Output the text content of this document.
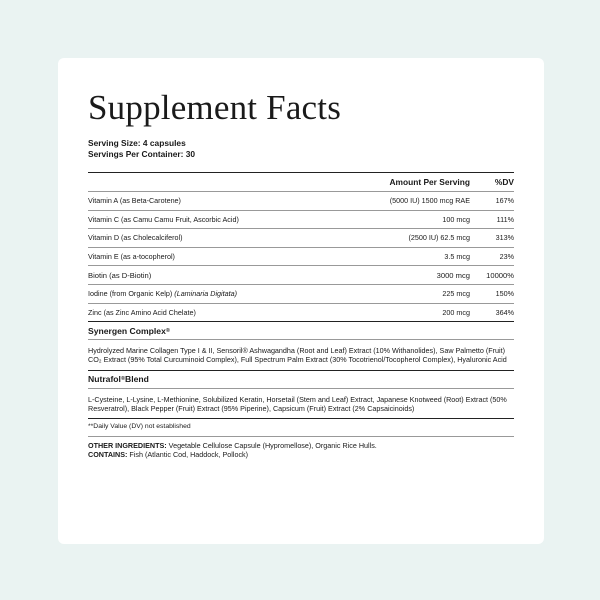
Supplement Facts
Serving Size: 4 capsules
Servings Per Container: 30
Amount Per Serving	%DV
Vitamin A (as Beta-Carotene)	(5000 IU) 1500 mcg RAE	167%
Vitamin C (as Camu Camu Fruit, Ascorbic Acid)	100 mcg	111%
Vitamin D (as Cholecalciferol)	(2500 IU) 62.5 mcg	313%
Vitamin E (as a-tocopherol)	3.5 mcg	23%
Biotin (as D-Biotin)	3000 mcg	10000%
Iodine (from Organic Kelp) (Laminaria Digitata)	225 mcg	150%
Zinc (as Zinc Amino Acid Chelate)	200 mcg	364%
Synergen Complex ®
Hydrolyzed Marine Collagen Type I & II, Sensoril® Ashwagandha (Root and Leaf) Extract (10% Withanolides), Saw Palmetto (Fruit) CO₂ Extract (95% Total Curcuminoid Complex), Full Spectrum Palm Extract (30% Tocotrienol/Tocopherol Complex), Hyaluronic Acid
Nutrafol ® Blend
L-Cysteine, L-Lysine, L-Methionine, Solubilized Keratin, Horsetail (Stem and Leaf) Extract, Japanese Knotweed (Root) Extract (50% Resveratrol), Black Pepper (Fruit) Extract (95% Piperine), Capsicum (Fruit) Extract (2% Capsaicinoids)
**Daily Value (DV) not established
OTHER INGREDIENTS: Vegetable Cellulose Capsule (Hypromellose), Organic Rice Hulls.
CONTAINS: Fish (Atlantic Cod, Haddock, Pollock)
